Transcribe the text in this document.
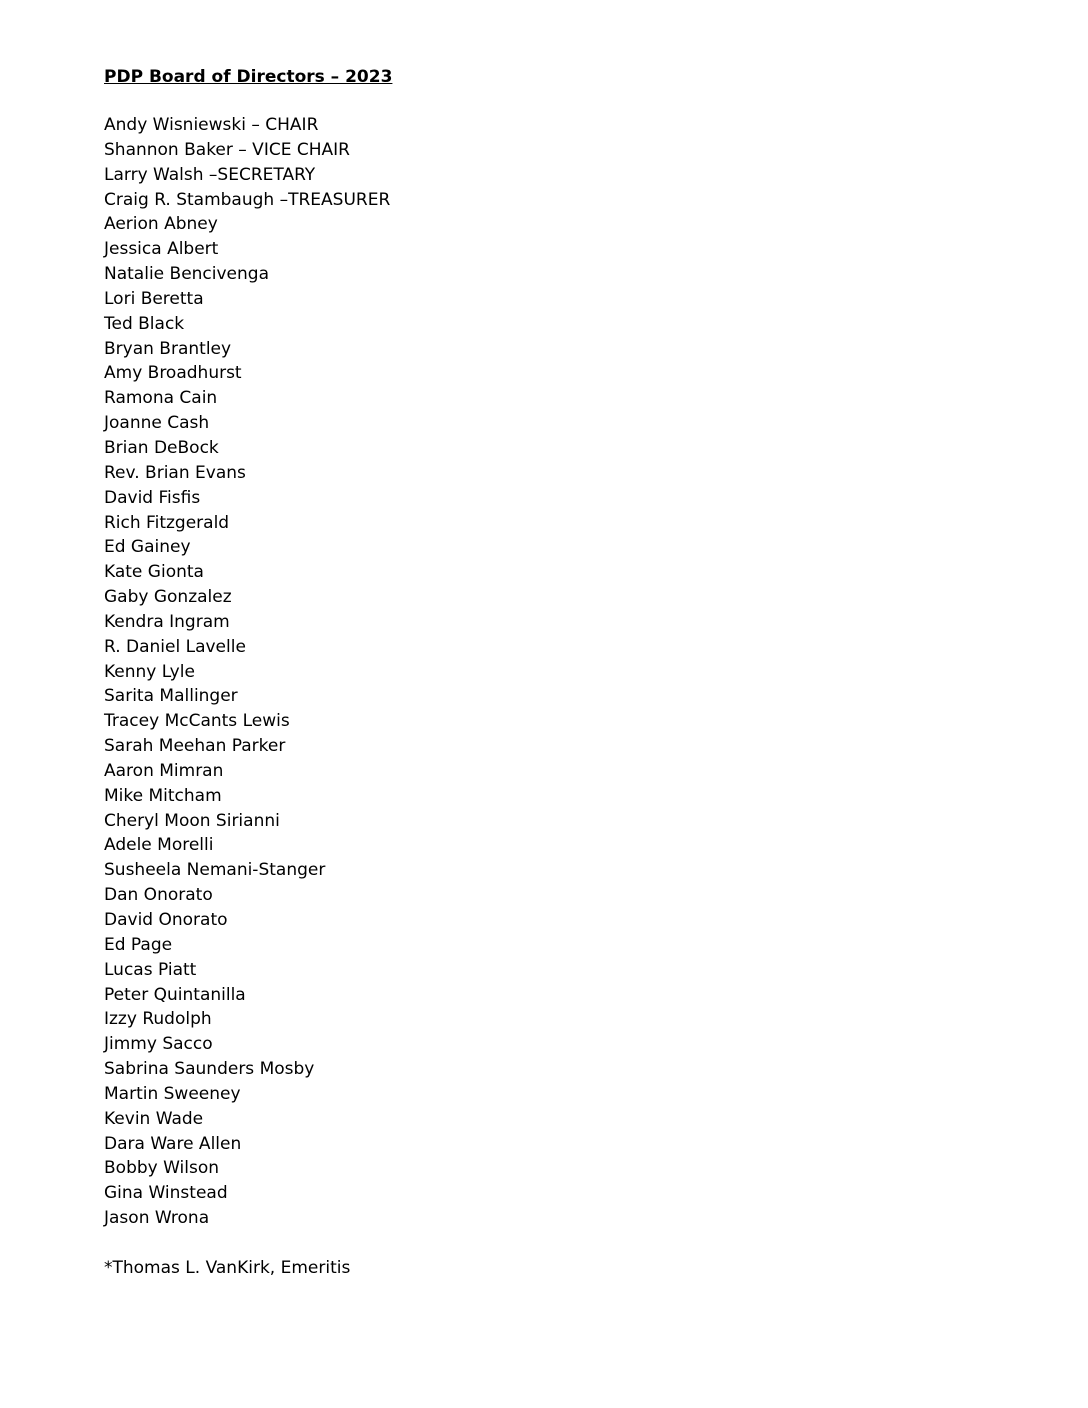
PDP Board of Directors – 2023
Andy Wisniewski – CHAIR
Shannon Baker – VICE CHAIR
Larry Walsh –SECRETARY
Craig R. Stambaugh –TREASURER
Aerion Abney
Jessica Albert
Natalie Bencivenga
Lori Beretta
Ted Black
Bryan Brantley
Amy Broadhurst
Ramona Cain
Joanne Cash
Brian DeBock
Rev. Brian Evans
David Fisfis
Rich Fitzgerald
Ed Gainey
Kate Gionta
Gaby Gonzalez
Kendra Ingram
R. Daniel Lavelle
Kenny Lyle
Sarita Mallinger
Tracey McCants Lewis
Sarah Meehan Parker
Aaron Mimran
Mike Mitcham
Cheryl Moon Sirianni
Adele Morelli
Susheela Nemani-Stanger
Dan Onorato
David Onorato
Ed Page
Lucas Piatt
Peter Quintanilla
Izzy Rudolph
Jimmy Sacco
Sabrina Saunders Mosby
Martin Sweeney
Kevin Wade
Dara Ware Allen
Bobby Wilson
Gina Winstead
Jason Wrona
*Thomas L. VanKirk, Emeritis
